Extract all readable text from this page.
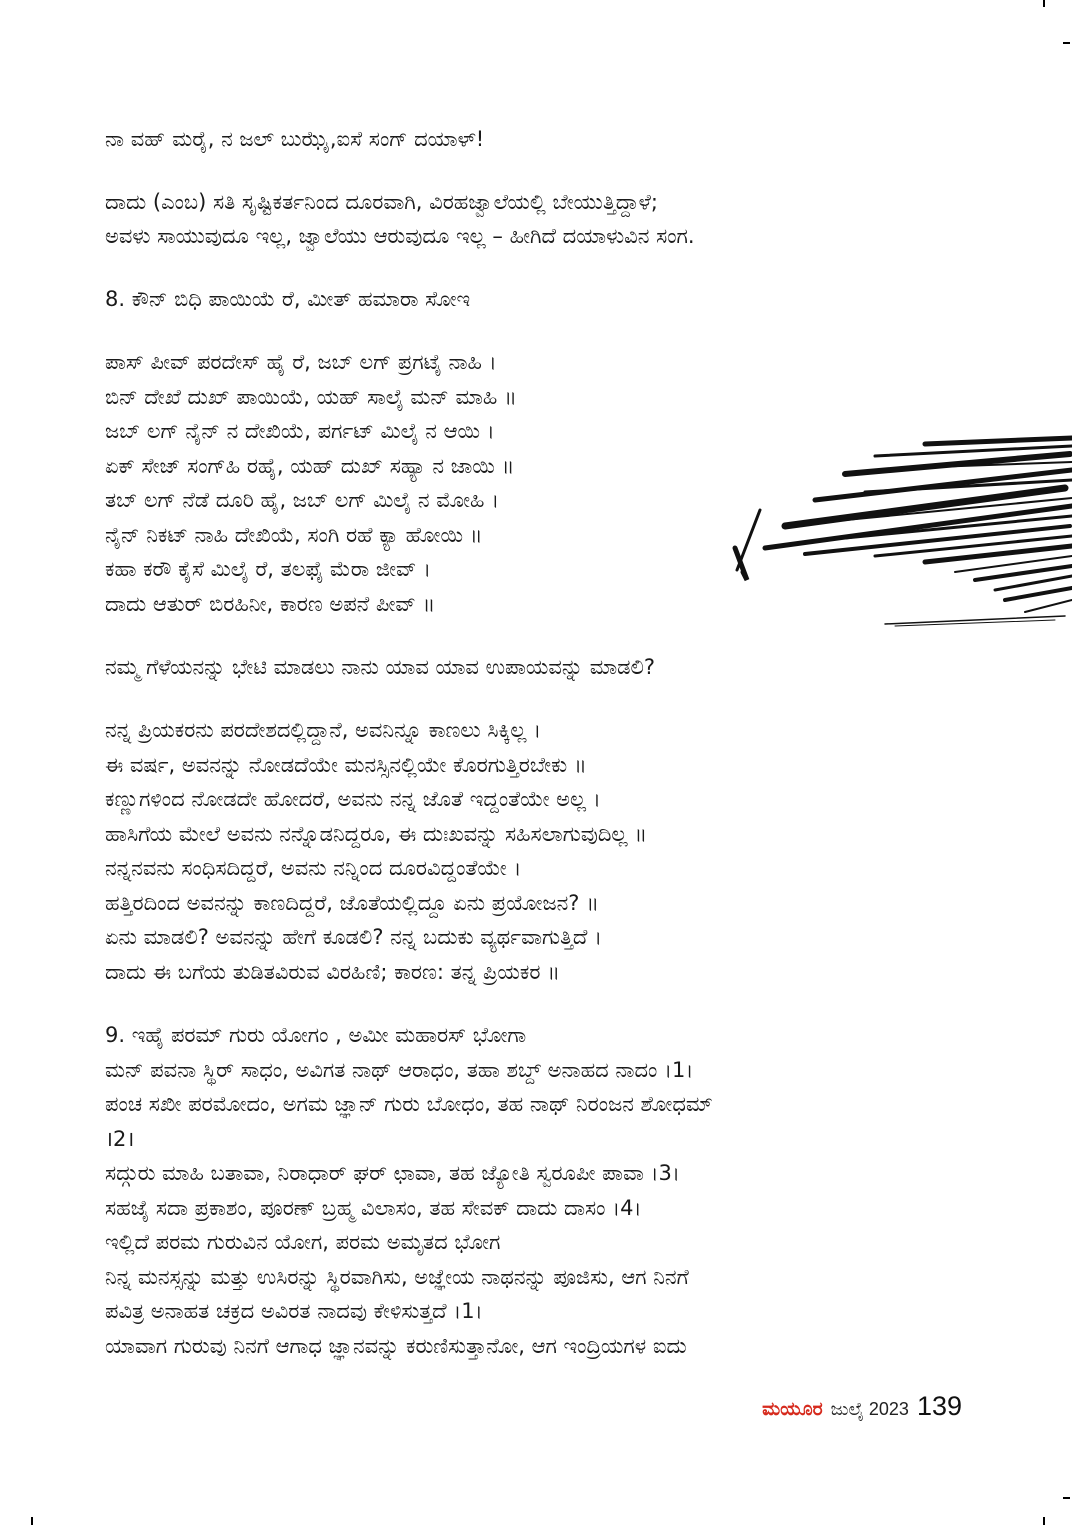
ನಾ ವಹ್ ಮರೈ, ನ ಜಲ್ ಬುಝೈ,ಐಸೆ ಸಂಗ್ ದಯಾಳ್!
ದಾದು (ಎಂಬ) ಸತಿ ಸೃಷ್ಟಿಕರ್ತನಿಂದ ದೂರವಾಗಿ, ವಿರಹಜ್ವಾಲೆಯಲ್ಲಿ ಬೇಯುತ್ತಿದ್ದಾಳೆ;
ಅವಳು ಸಾಯುವುದೂ ಇಲ್ಲ, ಜ್ವಾಲೆಯು ಆರುವುದೂ ಇಲ್ಲ – ಹೀಗಿದೆ ದಯಾಳುವಿನ ಸಂಗ.
8. ಕೌನ್ ಬಿಧಿ ಪಾಯಿಯೆ ರೆ, ಮೀತ್ ಹಮಾರಾ ಸೋಇ
ಪಾಸ್ ಪೀವ್ ಪರದೇಸ್ ಹೈ ರೆ, ಜಬ್ ಲಗ್ ಪ್ರಗಟೈ ನಾಹಿ ।
ಬಿನ್ ದೇಖೆ ದುಖ್ ಪಾಯಿಯೆ, ಯಹ್ ಸಾಲೈ ಮನ್ ಮಾಹಿ ॥
ಜಬ್ ಲಗ್ ನೈನ್ ನ ದೇಖಿಯೆ, ಪರ್ಗಟ್ ಮಿಲೈ ನ ಆಯಿ ।
ಏಕ್ ಸೇಜ್ ಸಂಗ್‌ಹಿ ರಹೈ, ಯಹ್ ದುಖ್ ಸಹ್ಯಾ ನ ಜಾಯಿ ॥
ತಬ್ ಲಗ್ ನೆಡೆ ದೂರಿ ಹೈ, ಜಬ್ ಲಗ್ ಮಿಲೈ ನ ಮೋಹಿ ।
ನೈನ್ ನಿಕಟ್ ನಾಹಿ ದೇಖಿಯೆ, ಸಂಗಿ ರಹೆ ಕ್ಯಾ ಹೋಯಿ ॥
ಕಹಾ ಕರೌ ಕೈಸೆ ಮಿಲೈ ರೆ, ತಲಫೈ ಮೆರಾ ಜೀವ್ ।
ದಾದು ಆತುರ್ ಬಿರಹಿನೀ, ಕಾರಣ ಅಪನೆ ಪೀವ್ ॥
ನಮ್ಮ ಗೆಳೆಯನನ್ನು ಭೇಟಿ ಮಾಡಲು ನಾನು ಯಾವ ಯಾವ ಉಪಾಯವನ್ನು ಮಾಡಲಿ?
ನನ್ನ ಪ್ರಿಯಕರನು ಪರದೇಶದಲ್ಲಿದ್ದಾನೆ, ಅವನಿನ್ನೂ ಕಾಣಲು ಸಿಕ್ಕಿಲ್ಲ ।
ಈ ವರ್ಷ, ಅವನನ್ನು ನೋಡದೆಯೇ ಮನಸ್ಸಿನಲ್ಲಿಯೇ ಕೊರಗುತ್ತಿರಬೇಕು ॥
ಕಣ್ಣುಗಳಿಂದ ನೋಡದೇ ಹೋದರೆ, ಅವನು ನನ್ನ ಜೊತೆ ಇದ್ದಂತೆಯೇ ಅಲ್ಲ ।
ಹಾಸಿಗೆಯ ಮೇಲೆ ಅವನು ನನ್ನೊಡನಿದ್ದರೂ, ಈ ದುಃಖವನ್ನು ಸಹಿಸಲಾಗುವುದಿಲ್ಲ ॥
ನನ್ನನವನು ಸಂಧಿಸದಿದ್ದರೆ, ಅವನು ನನ್ನಿಂದ ದೂರವಿದ್ದಂತೆಯೇ ।
ಹತ್ತಿರದಿಂದ ಅವನನ್ನು ಕಾಣದಿದ್ದರೆ, ಜೊತೆಯಲ್ಲಿದ್ದೂ ಏನು ಪ್ರಯೋಜನ? ॥
ಏನು ಮಾಡಲಿ? ಅವನನ್ನು ಹೇಗೆ ಕೂಡಲಿ? ನನ್ನ ಬದುಕು ವ್ಯರ್ಥವಾಗುತ್ತಿದೆ ।
ದಾದು ಈ ಬಗೆಯ ತುಡಿತವಿರುವ ವಿರಹಿಣಿ; ಕಾರಣ: ತನ್ನ ಪ್ರಿಯಕರ ॥
9. ಇಹೈ ಪರಮ್ ಗುರು ಯೋಗಂ , ಅಮೀ ಮಹಾರಸ್ ಭೋಗಾ
ಮನ್ ಪವನಾ ಸ್ಥಿರ್ ಸಾಧಂ, ಅವಿಗತ ನಾಥ್ ಆರಾಧಂ, ತಹಾ ಶಬ್ದ್ ಅನಾಹದ ನಾದಂ ।1।
ಪಂಚ ಸಖೀ ಪರಮೋದಂ, ಅಗಮ ಜ್ಞಾನ್ ಗುರು ಬೋಧಂ, ತಹ ನಾಥ್ ನಿರಂಜನ ಶೋಧಮ್
।2।
ಸದ್ಗುರು ಮಾಹಿ ಬತಾವಾ, ನಿರಾಧಾರ್ ಘರ್ ಛಾವಾ, ತಹ ಜ್ಯೋತಿ ಸ್ವರೂಪೀ ಪಾವಾ ।3।
ಸಹಜೈ ಸದಾ ಪ್ರಕಾಶಂ, ಪೂರಣ್ ಬ್ರಹ್ಮ ವಿಲಾಸಂ, ತಹ ಸೇವಕ್ ದಾದು ದಾಸಂ ।4।
ಇಲ್ಲಿದೆ ಪರಮ ಗುರುವಿನ ಯೋಗ, ಪರಮ ಅಮೃತದ ಭೋಗ
ನಿನ್ನ ಮನಸ್ಸನ್ನು ಮತ್ತು ಉಸಿರನ್ನು ಸ್ಥಿರವಾಗಿಸು, ಅಜ್ಞೇಯ ನಾಥನನ್ನು ಪೂಜಿಸು, ಆಗ ನಿನಗೆ
ಪವಿತ್ರ ಅನಾಹತ ಚಕ್ರದ ಅವಿರತ ನಾದವು ಕೇಳಿಸುತ್ತದೆ ।1।
ಯಾವಾಗ ಗುರುವು ನಿನಗೆ ಆಗಾಧ ಜ್ಞಾನವನ್ನು ಕರುಣಿಸುತ್ತಾನೋ, ಆಗ ಇಂದ್ರಿಯಗಳ ಐದು
ಮಯೂರ ಜುಲೈ 2023 139
